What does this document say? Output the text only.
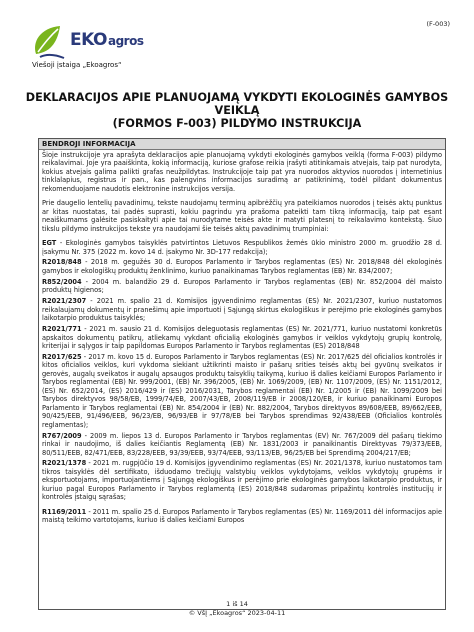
(F-003)
EKOagros
Viešoji įstaiga „Ekoagros“
DEKLARACIJOS APIE PLANUOJAMĄ VYKDYTI EKOLOGINĖS GAMYBOS VEIKLĄ
(FORMOS F-003) PILDYMO INSTRUKCIJA
BENDROJI INFORMACIJA

Šioje instrukcijoje yra aprašyta deklaracijos apie planuojamą vykdyti ekologinės gamybos veiklą (forma F-003) pildymo reikalavimai. Joje yra paaiškinta, kokią informaciją, kuriose grafose reikia įrašyti atitinkamais atvejais, taip pat nurodyta, kokius atvejais galima palikti grafas neužpildytas. Instrukcijoje taip pat yra nuorodos aktyvios nuorodos į internetinius tinklalapius, registrus ir pan., kas palengvins informacijos suradimą ar patikrinimą, todėl pildant dokumentus rekomenduojame naudotis elektronine instrukcijos versija.

Prie daugelio lentelių pavadinimų, tekste naudojamų terminų apibrėžčių yra pateikiamos nuorodos į teisės aktų punktus ar kitas nuostatas, tai padės suprasti, kokiu pagrindu yra prašoma pateikti tam tikrą informaciją, taip pat esant neaiškumams galėsite pasiskaityti apie tai nurodytame teisės akte ir matyti platesnį to reikalavimo kontekstą. Šiuo tikslu pildymo instrukcijos tekste yra naudojami šie teisės aktų pavadinimų trumpiniai:

EGT - Ekologinės gamybos taisyklės patvirtintos Lietuvos Respublikos žemės ūkio ministro 2000 m. gruodžio 28 d. įsakymu Nr. 375 (2022 m. kovo 14 d. įsakymo Nr. 3D-177 redakcija);

R2018/848 - 2018 m. gegužės 30 d. Europos Parlamento ir Tarybos reglamentas (ES) Nr. 2018/848 dėl ekologinės gamybos ir ekologiškų produktų ženklinimo, kuriuo panaikinamas Tarybos reglamentas (EB) Nr. 834/2007;

R852/2004 - 2004 m. balandžio 29 d. Europos Parlamento ir Tarybos reglamentas (EB) Nr. 852/2004 dėl maisto produktų higienos;

R2021/2307 - 2021 m. spalio 21 d. Komisijos įgyvendinimo reglamentas (ES) Nr. 2021/2307, kuriuo nustatomos reikalaujamų dokumentų ir pranešimų apie importuoti į Sąjungą skirtus ekologiškus ir perėjimo prie ekologinės gamybos laikotarpio produktus taisyklės;

R2021/771 - 2021 m. sausio 21 d. Komisijos deleguotasis reglamentas (ES) Nr. 2021/771, kuriuo nustatomi konkretūs apskaitos dokumentų patikrų, atliekamų vykdant oficialią ekologinės gamybos ir veiklos vykdytojų grupių kontrolę, kriterijai ir sąlygos ir taip papildomas Europos Parlamento ir Tarybos reglamentas (ES) 2018/848

R2017/625 - 2017 m. kovo 15 d. Europos Parlamento ir Tarybos reglamentas (ES) Nr. 2017/625 dėl oficialios kontrolės ir kitos oficialios veiklos, kuri vykdoma siekiant užtikrinti maisto ir pašarų srities teisės aktų bei gyvūnų sveikatos ir gerovės, augalų sveikatos ir augalų apsaugos produktų taisyklių taikymą, kuriuo iš dalies keičiami Europos Parlamento ir Tarybos reglamentai (EB) Nr. 999/2001, (EB) Nr. 396/2005, (EB) Nr. 1069/2009, (EB) Nr. 1107/2009, (ES) Nr. 1151/2012, (ES) Nr. 652/2014, (ES) 2016/429 ir (ES) 2016/2031, Tarybos reglamentai (EB) Nr. 1/2005 ir (EB) Nr. 1099/2009 bei Tarybos direktyvos 98/58/EB, 1999/74/EB, 2007/43/EB, 2008/119/EB ir 2008/120/EB, ir kuriuo panaikinami Europos Parlamento ir Tarybos reglamentai (EB) Nr. 854/2004 ir (EB) Nr. 882/2004, Tarybos direktyvos 89/608/EEB, 89/662/EEB, 90/425/EEB, 91/496/EEB, 96/23/EB, 96/93/EB ir 97/78/EB bei Tarybos sprendimas 92/438/EEB (Oficialios kontrolės reglamentas);

R767/2009 - 2009 m. liepos 13 d. Europos Parlamento ir Tarybos reglamentas (EV) Nr. 767/2009 dėl pašarų tiekimo rinkai ir naudojimo, iš dalies keičiantis Reglamentą (EB) Nr. 1831/2003 ir panaikinantis Direktyvas 79/373/EEB, 80/511/EEB, 82/471/EEB, 83/228/EEB, 93/39/EEB, 93/74/EEB, 93/113/EB, 96/25/EB bei Sprendimą 2004/217/EB;

R2021/1378 - 2021 m. rugpjūčio 19 d. Komisijos įgyvendinimo reglamentas (ES) Nr. 2021/1378, kuriuo nustatomos tam tikros taisyklės dėl sertifikato, išduodamo trečiųjų valstybių veiklos vykdytojams, veiklos vykdytojų grupėms ir eksportuotojams, importuojantiems į Sąjungą ekologiškus ir perėjimo prie ekologinės gamybos laikotarpio produktus, ir kuriuo pagal Europos Parlamento ir Tarybos reglamentą (ES) 2018/848 sudaromas pripažintų kontrolės institucijų ir kontrolės įstaigų sąrašas;

R1169/2011 - 2011 m. spalio 25 d. Europos Parlamento ir Tarybos reglamentas (ES) Nr. 1169/2011 dėl informacijos apie maistą teikimo vartotojams, kuriuo iš dalies keičiami Europos

1 iš 14
© VšĮ „Ekoagros“ 2023-04-11
